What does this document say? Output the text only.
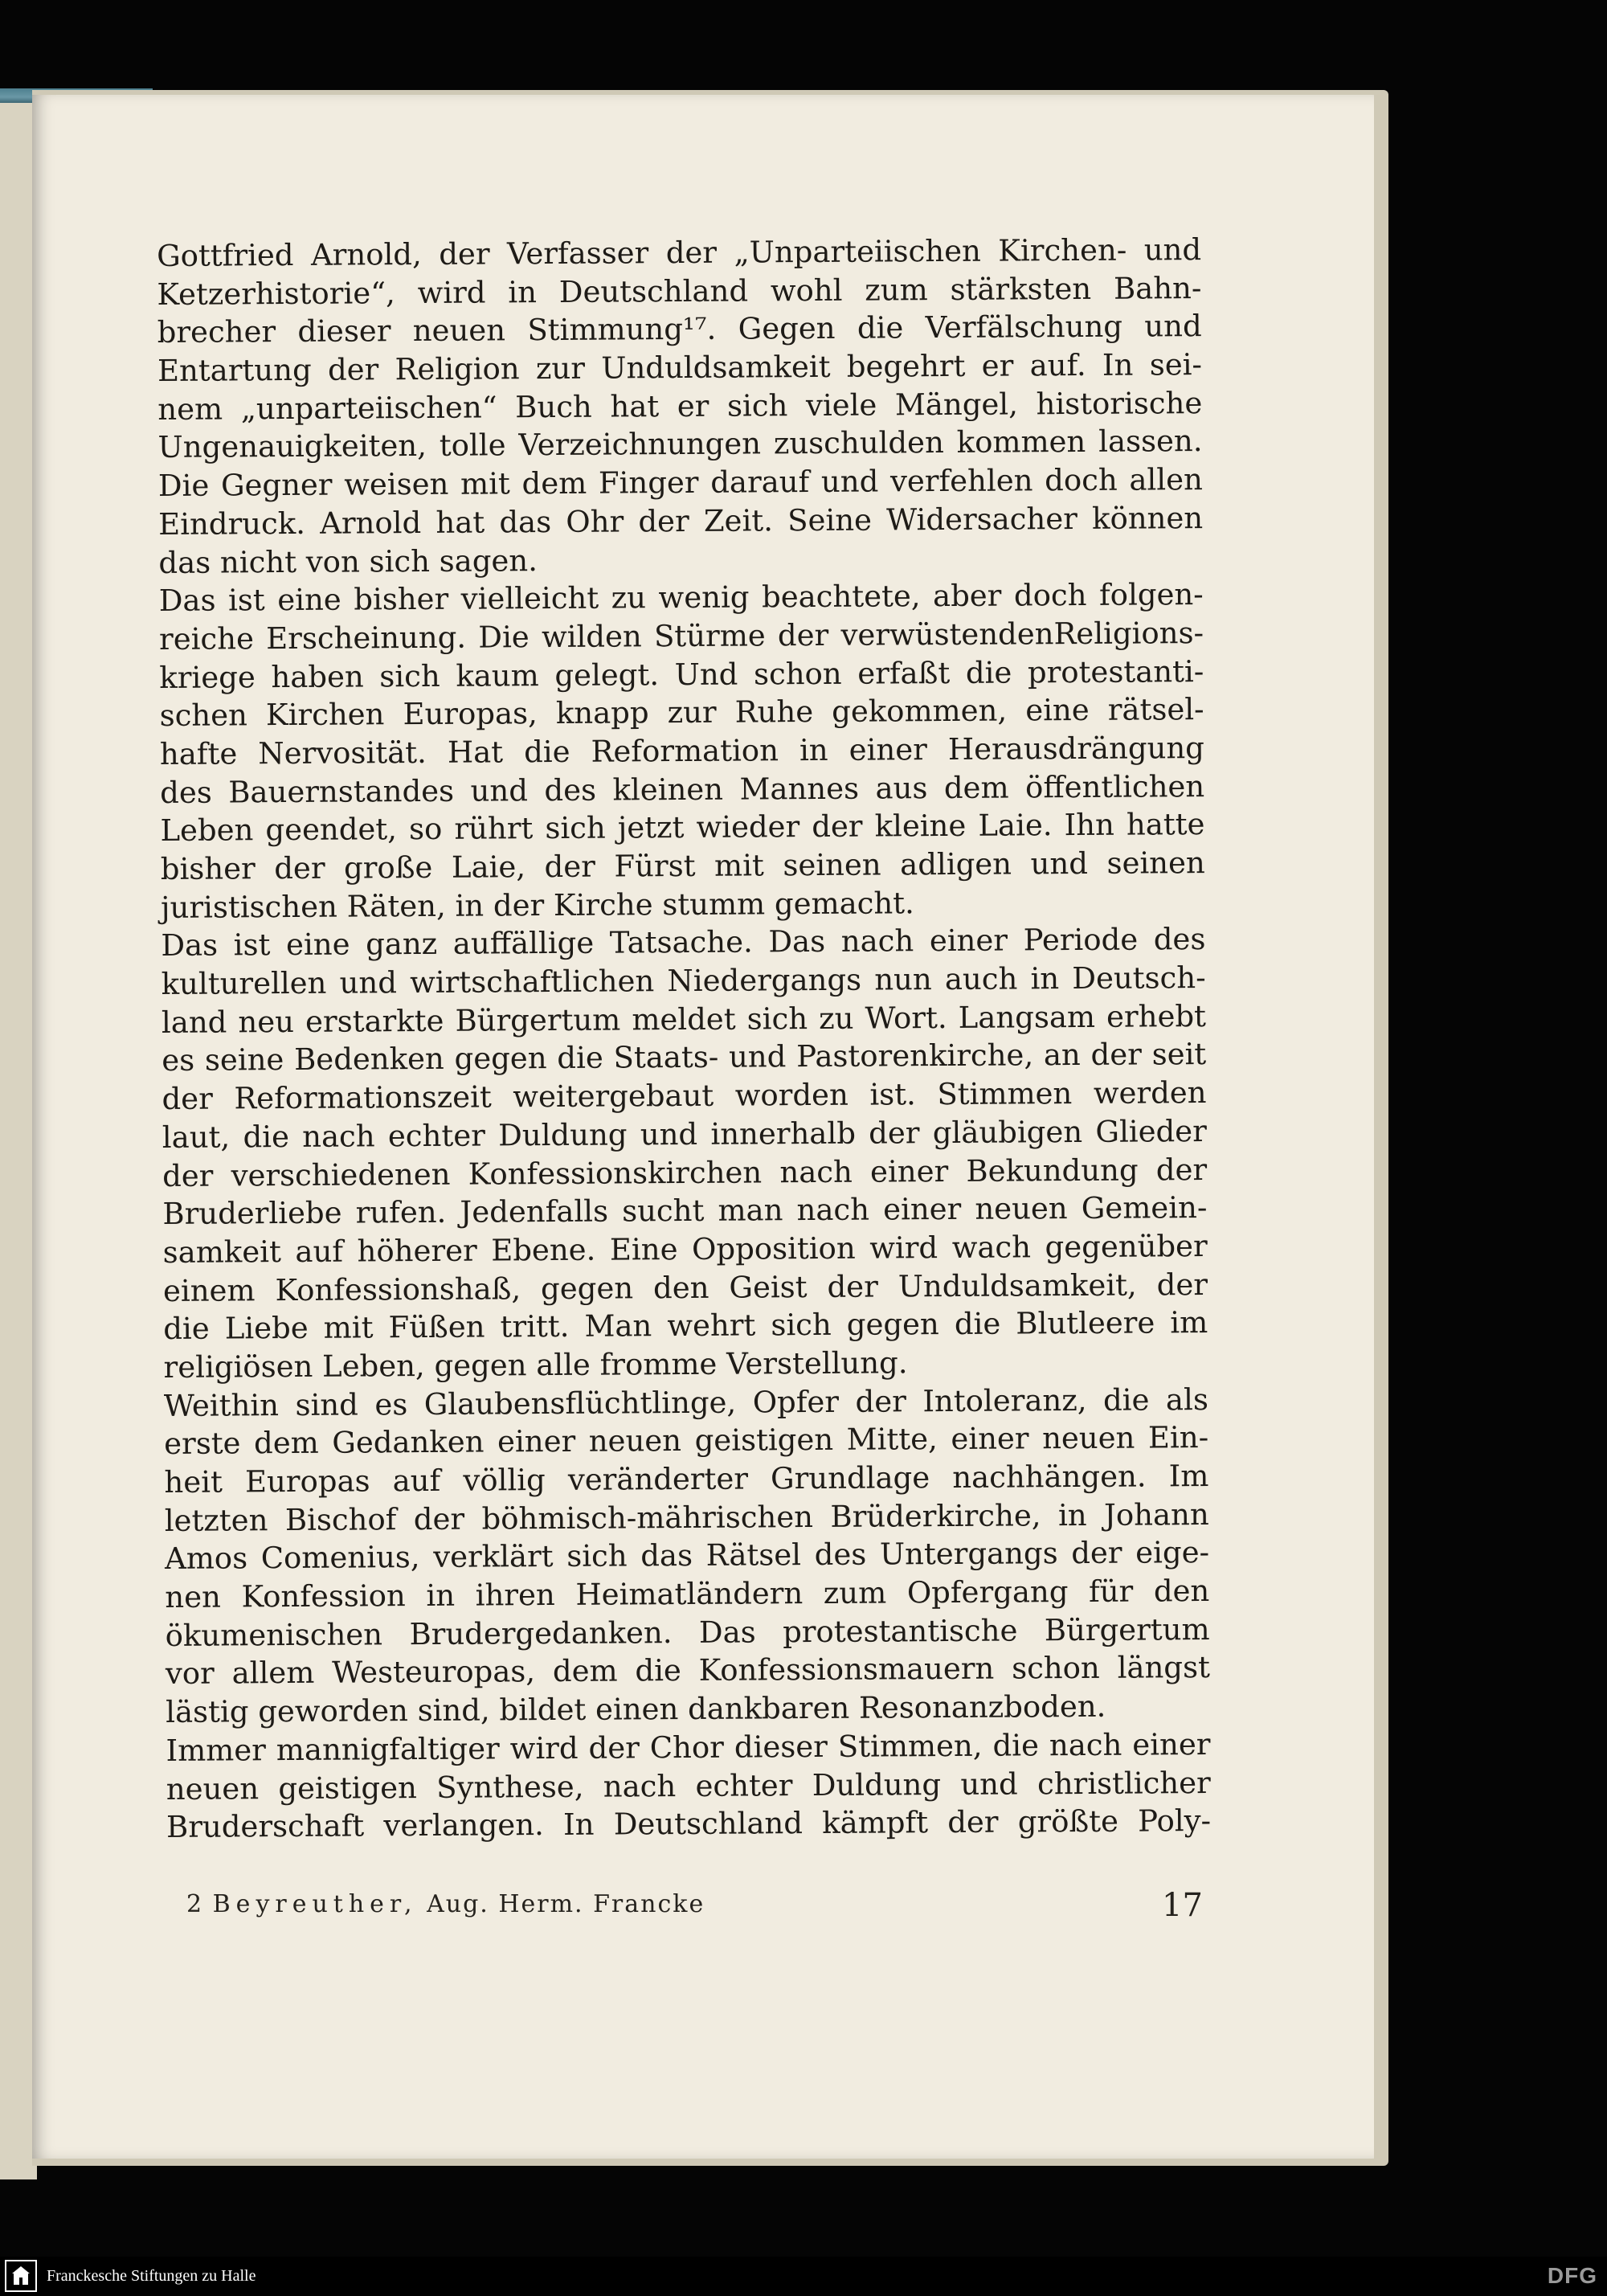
Gottfried Arnold, der Verfasser der „Unparteiischen Kirchen- und
Ketzerhistorie“, wird in Deutschland wohl zum stärksten Bahn-
brecher dieser neuen Stimmung¹⁷. Gegen die Verfälschung und
Entartung der Religion zur Unduldsamkeit begehrt er auf. In sei-
nem „unparteiischen“ Buch hat er sich viele Mängel, historische
Ungenauigkeiten, tolle Verzeichnungen zuschulden kommen lassen.
Die Gegner weisen mit dem Finger darauf und verfehlen doch allen
Eindruck. Arnold hat das Ohr der Zeit. Seine Widersacher können
das nicht von sich sagen.
Das ist eine bisher vielleicht zu wenig beachtete, aber doch folgen-
reiche Erscheinung. Die wilden Stürme der verwüstendenReligions-
kriege haben sich kaum gelegt. Und schon erfaßt die protestanti-
schen Kirchen Europas, knapp zur Ruhe gekommen, eine rätsel-
hafte Nervosität. Hat die Reformation in einer Herausdrängung
des Bauernstandes und des kleinen Mannes aus dem öffentlichen
Leben geendet, so rührt sich jetzt wieder der kleine Laie. Ihn hatte
bisher der große Laie, der Fürst mit seinen adligen und seinen
juristischen Räten, in der Kirche stumm gemacht.
Das ist eine ganz auffällige Tatsache. Das nach einer Periode des
kulturellen und wirtschaftlichen Niedergangs nun auch in Deutsch-
land neu erstarkte Bürgertum meldet sich zu Wort. Langsam erhebt
es seine Bedenken gegen die Staats- und Pastorenkirche, an der seit
der Reformationszeit weitergebaut worden ist. Stimmen werden
laut, die nach echter Duldung und innerhalb der gläubigen Glieder
der verschiedenen Konfessionskirchen nach einer Bekundung der
Bruderliebe rufen. Jedenfalls sucht man nach einer neuen Gemein-
samkeit auf höherer Ebene. Eine Opposition wird wach gegenüber
einem Konfessionshaß, gegen den Geist der Unduldsamkeit, der
die Liebe mit Füßen tritt. Man wehrt sich gegen die Blutleere im
religiösen Leben, gegen alle fromme Verstellung.
Weithin sind es Glaubensflüchtlinge, Opfer der Intoleranz, die als
erste dem Gedanken einer neuen geistigen Mitte, einer neuen Ein-
heit Europas auf völlig veränderter Grundlage nachhängen. Im
letzten Bischof der böhmisch-mährischen Brüderkirche, in Johann
Amos Comenius, verklärt sich das Rätsel des Untergangs der eige-
nen Konfession in ihren Heimatländern zum Opfergang für den
ökumenischen Brudergedanken. Das protestantische Bürgertum
vor allem Westeuropas, dem die Konfessionsmauern schon längst
lästig geworden sind, bildet einen dankbaren Resonanzboden.
Immer mannigfaltiger wird der Chor dieser Stimmen, die nach einer
neuen geistigen Synthese, nach echter Duldung und christlicher
Bruderschaft verlangen. In Deutschland kämpft der größte Poly-
2 Beyreuther, Aug. Herm. Francke	17
Franckesche Stiftungen zu Halle	DFG
